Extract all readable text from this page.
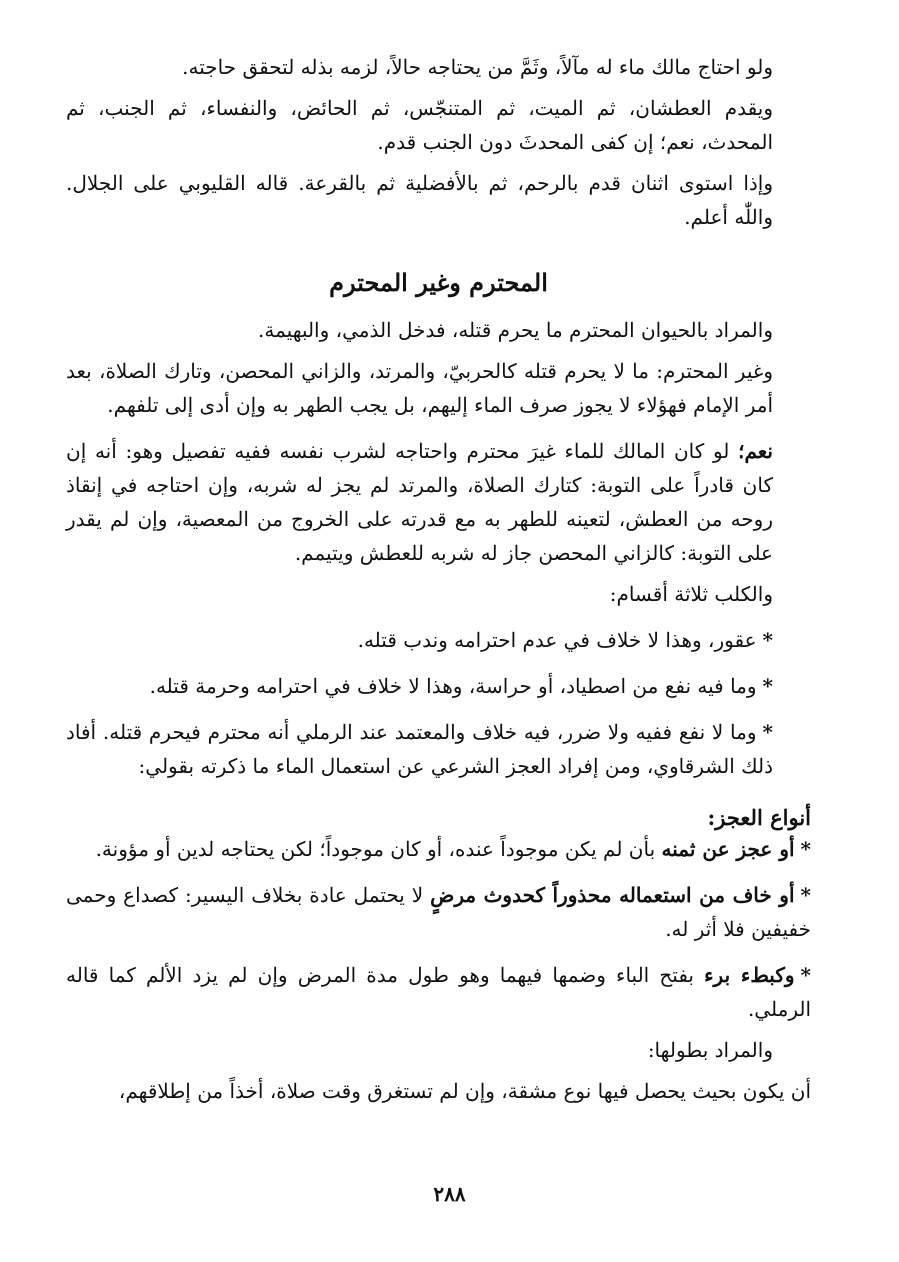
ولو احتاج مالك ماء له مآلاً، وثَمَّ من يحتاجه حالاً، لزمه بذله لتحقق حاجته.

ويقدم العطشان، ثم الميت، ثم المتنجّس، ثم الحائض، والنفساء، ثم الجنب، ثم المحدث، نعم؛ إن كفى المحدثَ دون الجنب قدم.

وإذا استوى اثنان قدم بالرحم، ثم بالأفضلية ثم بالقرعة. قاله القليوبي على الجلال. واللّٰه أعلم.

المحترم وغير المحترم

والمراد بالحيوان المحترم ما يحرم قتله، فدخل الذمي، والبهيمة.

وغير المحترم: ما لا يحرم قتله كالحربيّ، والمرتد، والزاني المحصن، وتارك الصلاة، بعد أمر الإمام فهؤلاء لا يجوز صرف الماء إليهم، بل يجب الطهر به وإن أدى إلى تلفهم.

نعم؛ لو كان المالك للماء غيرَ محترم واحتاجه لشرب نفسه ففيه تفصيل وهو: أنه إن كان قادراً على التوبة: كتارك الصلاة، والمرتد لم يجز له شربه، وإن احتاجه في إنقاذ روحه من العطش، لتعينه للطهر به مع قدرته على الخروج من المعصية، وإن لم يقدر على التوبة: كالزاني المحصن جاز له شربه للعطش ويتيمم.

والكلب ثلاثة أقسام:

*عقور، وهذا لا خلاف في عدم احترامه وندب قتله.

*وما فيه نفع من اصطياد، أو حراسة، وهذا لا خلاف في احترامه وحرمة قتله.

*وما لا نفع ففيه ولا ضرر، فيه خلاف والمعتمد عند الرملي أنه محترم فيحرم قتله. أفاد ذلك الشرقاوي، ومن إفراد العجز الشرعي عن استعمال الماء ما ذكرته بقولي:

أنواع العجز:

*أو عجز عن ثمنه بأن لم يكن موجوداً عنده، أو كان موجوداً؛ لكن يحتاجه لدين أو مؤونة.

*أو خاف من استعماله محذوراً كحدوث مرضٍ لا يحتمل عادة بخلاف اليسير: كصداع وحمى خفيفين فلا أثر له.

*وكبطء برء بفتح الباء وضمها فيهما وهو طول مدة المرض وإن لم يزد الألم كما قاله الرملي.

والمراد بطولها:

أن يكون بحيث يحصل فيها نوع مشقة، وإن لم تستغرق وقت صلاة، أخذاً من إطلاقهم،

٢٨٨
